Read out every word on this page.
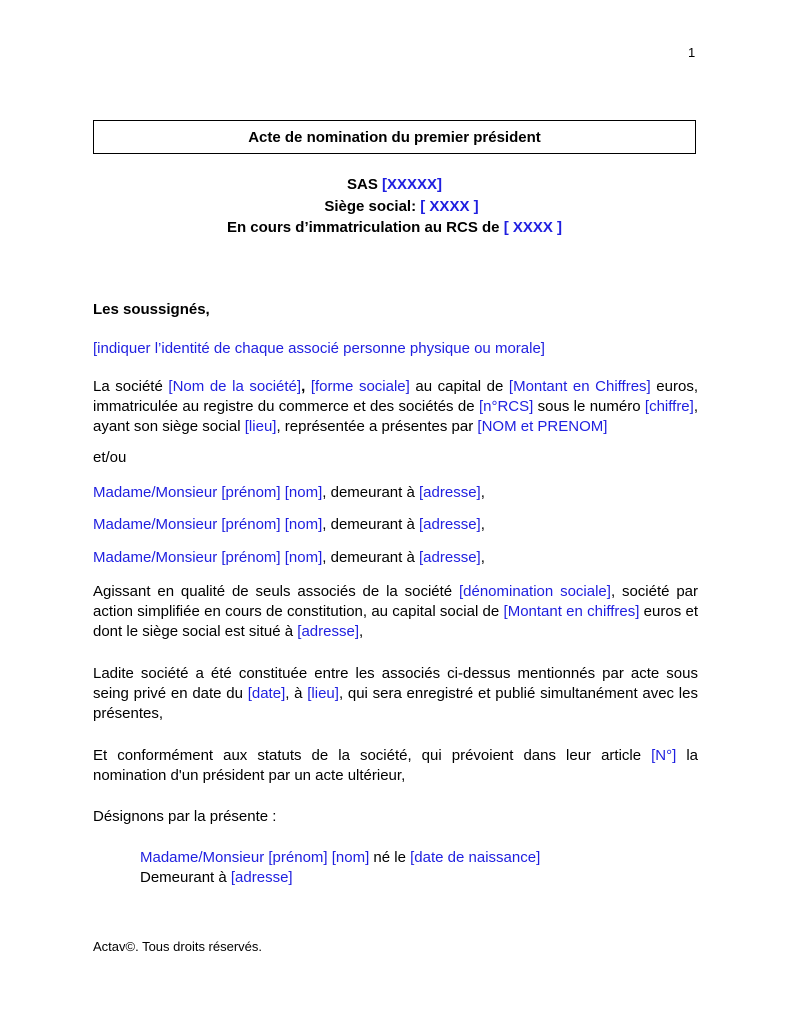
1
Acte de nomination du premier président
SAS [XXXXX]
Siège social: [ XXXX ]
En cours d’immatriculation au RCS de [ XXXX ]
Les soussignés,
[indiquer l’identité de chaque associé personne physique ou morale]
La société [Nom de la société], [forme sociale] au capital de [Montant en Chiffres] euros, immatriculée au registre du commerce et des sociétés de [n°RCS] sous le numéro [chiffre], ayant son siège social [lieu], représentée a présentes par [NOM et PRENOM]
et/ou
Madame/Monsieur [prénom] [nom], demeurant à [adresse],
Madame/Monsieur [prénom] [nom], demeurant à [adresse],
Madame/Monsieur [prénom] [nom], demeurant à [adresse],
Agissant en qualité de seuls associés de la société [dénomination sociale], société par action simplifiée en cours de constitution, au capital social de [Montant en chiffres] euros et dont le siège social est situé à [adresse],
Ladite société a été constituée entre les associés ci-dessus mentionnés par acte sous seing privé en date du [date], à [lieu], qui sera enregistré et publié simultanément avec les présentes,
Et conformément aux statuts de la société, qui prévoient dans leur article [N°] la nomination d'un président par un acte ultérieur,
Désignons par la présente :
Madame/Monsieur [prénom] [nom] né le [date de naissance]
Demeurant à [adresse]
Actav©. Tous droits réservés.
